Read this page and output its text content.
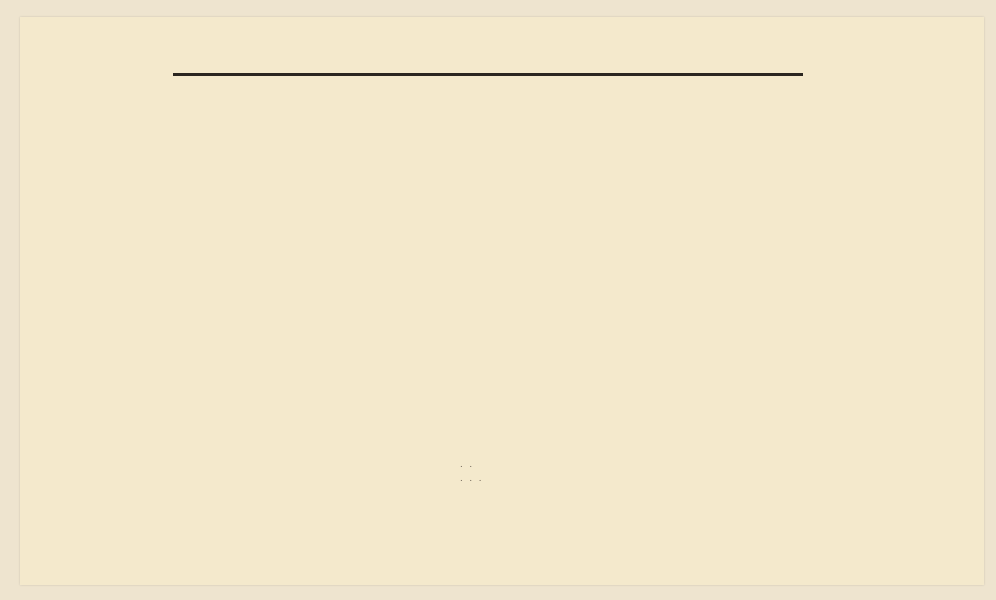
. .
. . .
